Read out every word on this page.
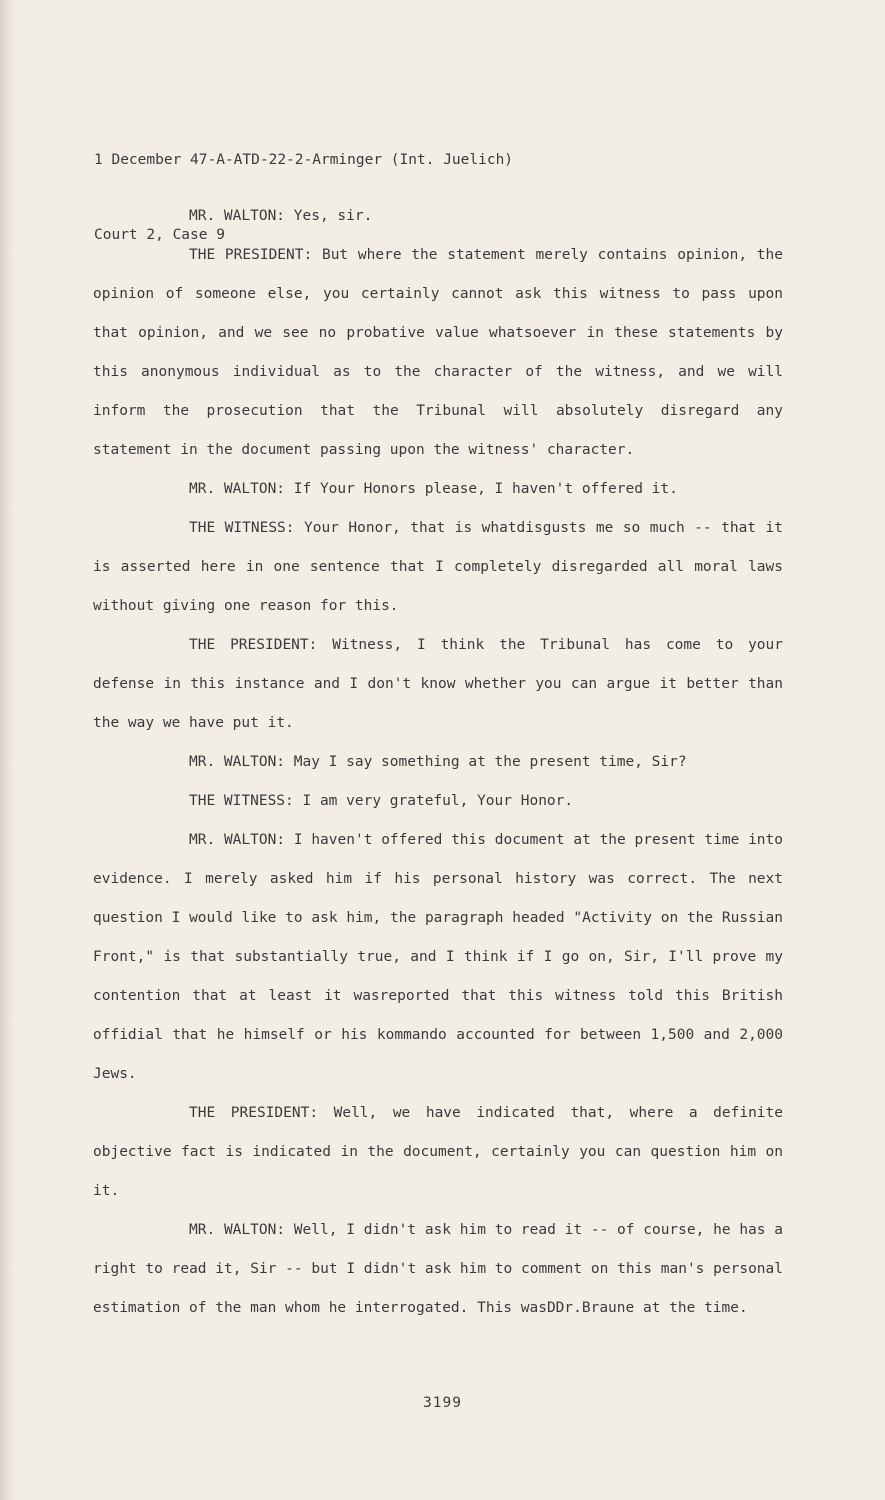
1 December 47-A-ATD-22-2-Arminger (Int. Juelich)

Court 2, Case 9

MR. WALTON: Yes, sir.

THE PRESIDENT: But where the statement merely contains opinion, the opinion of someone else, you certainly cannot ask this witness to pass upon that opinion, and we see no probative value whatsoever in these statements by this anonymous individual as to the character of the witness, and we will inform the prosecution that the Tribunal will absolutely disregard any statement in the document passing upon the witness' character.

MR. WALTON: If Your Honors please, I haven't offered it.

THE WITNESS: Your Honor, that is whatdisgusts me so much -- that it is asserted here in one sentence that I completely disregarded all moral laws without giving one reason for this.

THE PRESIDENT: Witness, I think the Tribunal has come to your defense in this instance and I don't know whether you can argue it better than the way we have put it.

MR. WALTON: May I say something at the present time, Sir?

THE WITNESS: I am very grateful, Your Honor.

MR. WALTON: I haven't offered this document at the present time into evidence. I merely asked him if his personal history was correct. The next question I would like to ask him, the paragraph headed "Activity on the Russian Front," is that substantially true, and I think if I go on, Sir, I'll prove my contention that at least it wasreported that this witness told this British offidial that he himself or his kommando accounted for between 1,500 and 2,000 Jews.

THE PRESIDENT: Well, we have indicated that, where a definite objective fact is indicated in the document, certainly you can question him on it.

MR. WALTON: Well, I didn't ask him to read it -- of course, he has a right to read it, Sir -- but I didn't ask him to comment on this man's personal estimation of the man whom he interrogated. This wasDDr.Braune at the time.

3199
